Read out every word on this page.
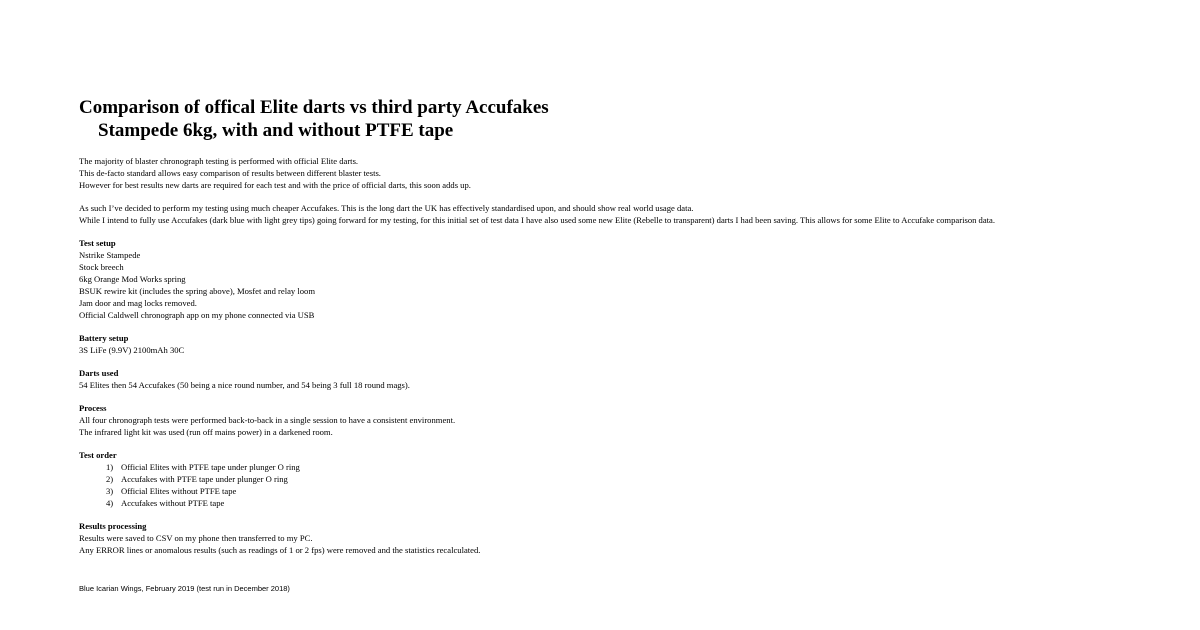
Comparison of offical Elite darts vs third party Accufakes
Stampede 6kg, with and without PTFE tape
The majority of blaster chronograph testing is performed with official Elite darts.
This de-facto standard allows easy comparison of results between different blaster tests.
However for best results new darts are required for each test and with the price of official darts, this soon adds up.
As such I’ve decided to perform my testing using much cheaper Accufakes. This is the long dart the UK has effectively standardised upon, and should show real world usage data.
While I intend to fully use Accufakes (dark blue with light grey tips) going forward for my testing, for this initial set of test data I have also used some new Elite (Rebelle to transparent) darts I had been saving. This allows for some Elite to Accufake comparison data.
Test setup
Nstrike Stampede
Stock breech
6kg Orange Mod Works spring
BSUK rewire kit (includes the spring above), Mosfet and relay loom
Jam door and mag locks removed.
Official Caldwell chronograph app on my phone connected via USB
Battery setup
3S LiFe (9.9V) 2100mAh 30C
Darts used
54 Elites then 54 Accufakes (50 being a nice round number, and 54 being 3 full 18 round mags).
Process
All four chronograph tests were performed back-to-back in a single session to have a consistent environment.
The infrared light kit was used (run off mains power) in a darkened room.
Test order
1) Official Elites with PTFE tape under plunger O ring
2) Accufakes with PTFE tape under plunger O ring
3) Official Elites without PTFE tape
4) Accufakes without PTFE tape
Results processing
Results were saved to CSV on my phone then transferred to my PC.
Any ERROR lines or anomalous results (such as readings of 1 or 2 fps) were removed and the statistics recalculated.
Blue Icarian Wings, February 2019 (test run in December 2018)
